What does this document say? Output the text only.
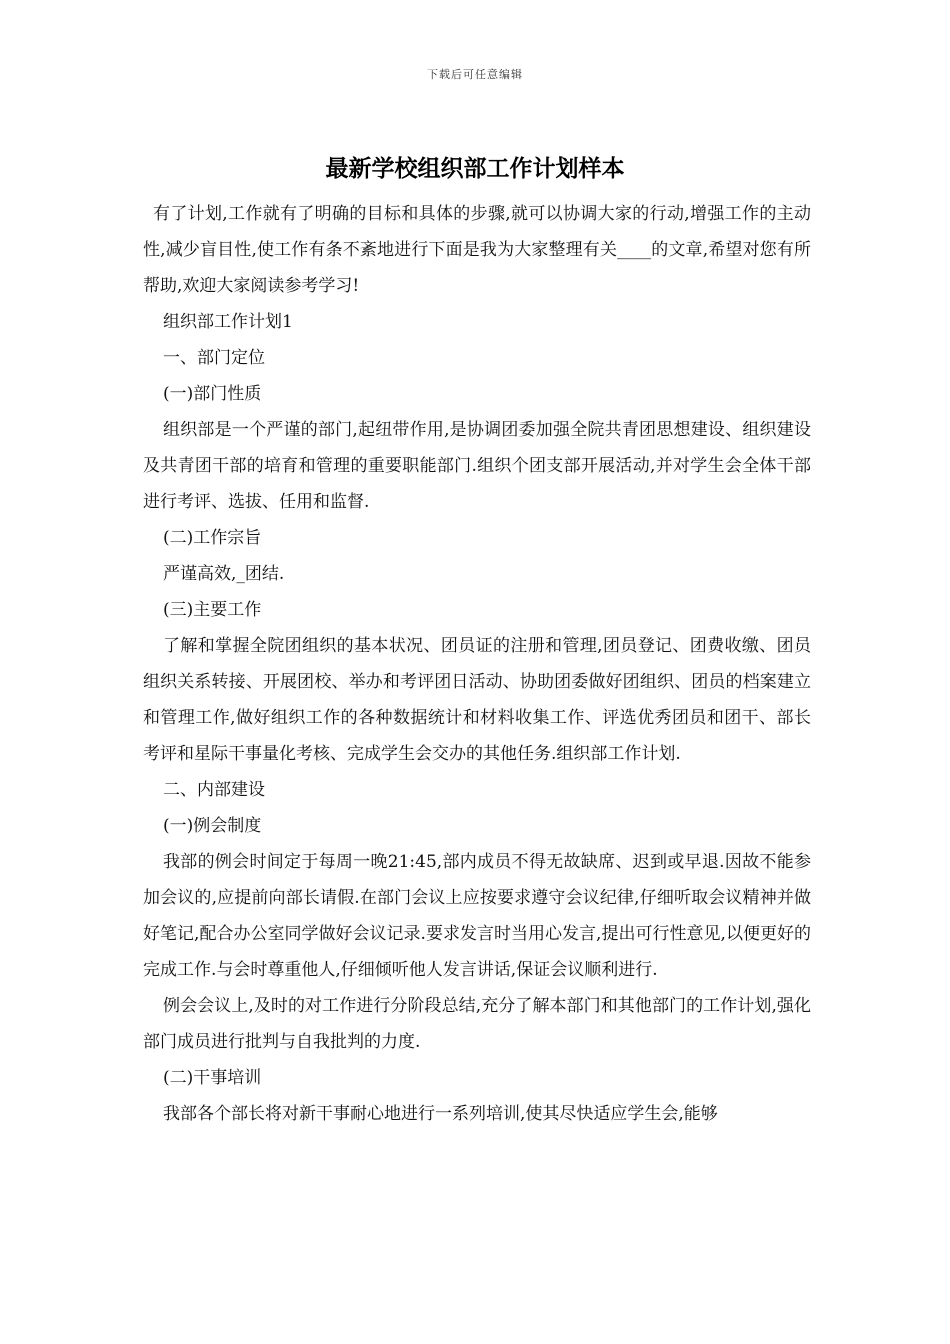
下载后可任意编辑
最新学校组织部工作计划样本

有了计划,工作就有了明确的目标和具体的步骤,就可以协调大家的行动,增强工作的主动性,减少盲目性,使工作有条不紊地进行下面是我为大家整理有关____的文章,希望对您有所帮助,欢迎大家阅读参考学习!

组织部工作计划1

一、部门定位

(一)部门性质

组织部是一个严谨的部门,起纽带作用,是协调团委加强全院共青团思想建设、组织建设及共青团干部的培育和管理的重要职能部门.组织个团支部开展活动,并对学生会全体干部进行考评、选拔、任用和监督.

(二)工作宗旨

严谨高效,_团结.

(三)主要工作

了解和掌握全院团组织的基本状况、团员证的注册和管理,团员登记、团费收缴、团员组织关系转接、开展团校、举办和考评团日活动、协助团委做好团组织、团员的档案建立和管理工作,做好组织工作的各种数据统计和材料收集工作、评选优秀团员和团干、部长考评和星际干事量化考核、完成学生会交办的其他任务.组织部工作计划.

二、内部建设

(一)例会制度

我部的例会时间定于每周一晚21:45,部内成员不得无故缺席、迟到或早退.因故不能参加会议的,应提前向部长请假.在部门会议上应按要求遵守会议纪律,仔细听取会议精神并做好笔记,配合办公室同学做好会议记录.要求发言时当用心发言,提出可行性意见,以便更好的完成工作.与会时尊重他人,仔细倾听他人发言讲话,保证会议顺利进行.

例会会议上,及时的对工作进行分阶段总结,充分了解本部门和其他部门的工作计划,强化部门成员进行批判与自我批判的力度.

(二)干事培训

我部各个部长将对新干事耐心地进行一系列培训,使其尽快适应学生会,能够
